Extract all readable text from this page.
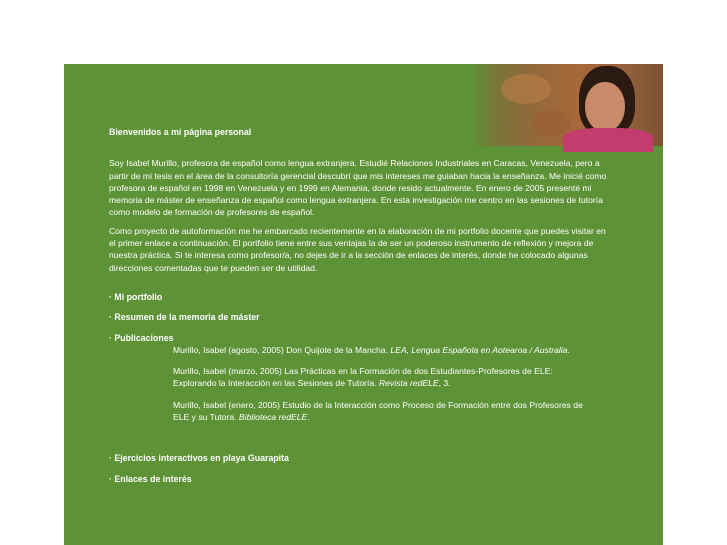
Bienvenidos a mi página personal

Soy Isabel Murillo, profesora de español como lengua extranjera. Estudié Relaciones Industriales en Caracas, Venezuela, pero a partir de mi tesis en el área de la consultoría gerencial descubrí que mis intereses me guiaban hacia la enseñanza. Me inicié como profesora de español en 1998 en Venezuela y en 1999 en Alemania, donde resido actualmente. En enero de 2005 presenté mi memoria de máster de enseñanza de español como lengua extranjera. En esta investigación me centro en las sesiones de tutoría como modelo de formación de profesores de español.

Como proyecto de autoformación me he embarcado recientemente en la elaboración de mi portfolio docente que puedes visitar en el primer enlace a continuación. El portfolio tiene entre sus ventajas la de ser un poderoso instrumento de reflexión y mejora de nuestra práctica. Si te interesa como profesor/a, no dejes de ir a la sección de enlaces de interés, donde he colocado algunas direcciones comentadas que te pueden ser de utilidad.

· Mi portfolio
· Resumen de la memoria de máster
· Publicaciones

Murillo, Isabel (agosto, 2005) Don Quijote de la Mancha. LEA, Lengua Española en Aotearoa / Australia.

Murillo, Isabel (marzo, 2005) Las Prácticas en la Formación de dos Estudiantes-Profesores de ELE: Explorando la Interacción en las Sesiones de Tutoría. Revista redELE, 3.

Murillo, Isabel (enero, 2005) Estudio de la Interacción como Proceso de Formación entre dos Profesores de ELE y su Tutora. Biblioteca redELE.

· Ejercicios interactivos en playa Guarapita
· Enlaces de interés
